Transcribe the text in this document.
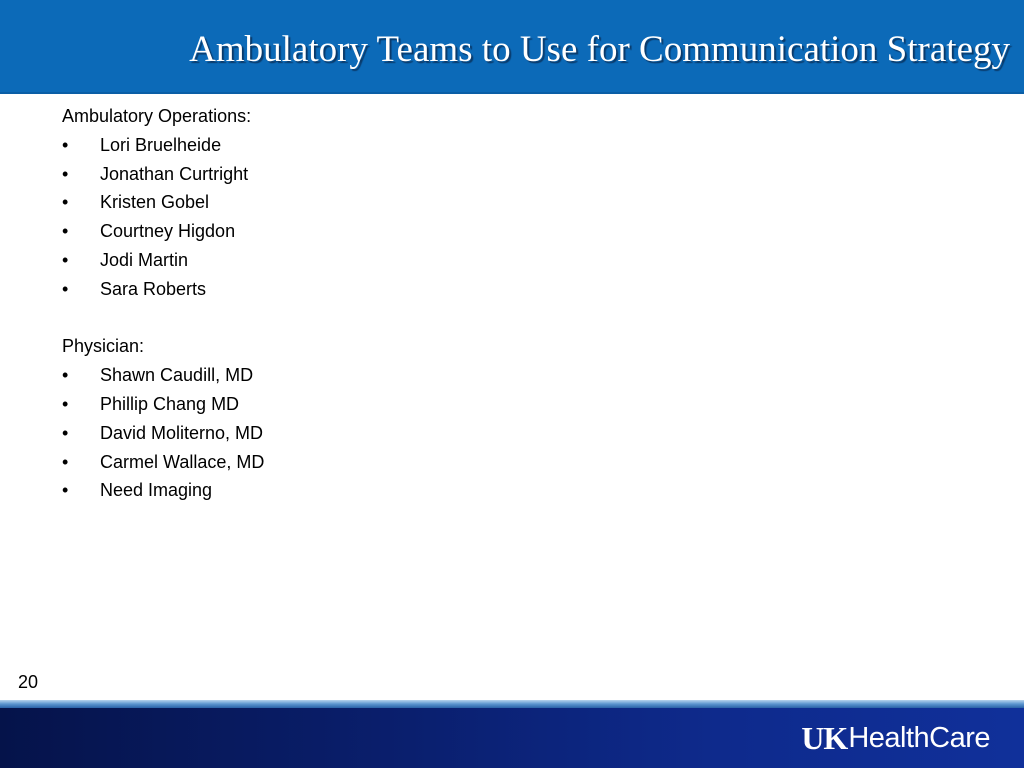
Ambulatory Teams to Use for Communication Strategy
Ambulatory Operations:
• Lori Bruelheide
• Jonathan Curtright
• Kristen Gobel
• Courtney Higdon
• Jodi Martin
• Sara Roberts
Physician:
• Shawn Caudill, MD
• Phillip Chang MD
• David Moliterno, MD
• Carmel Wallace, MD
• Need Imaging
20
UK HealthCare
